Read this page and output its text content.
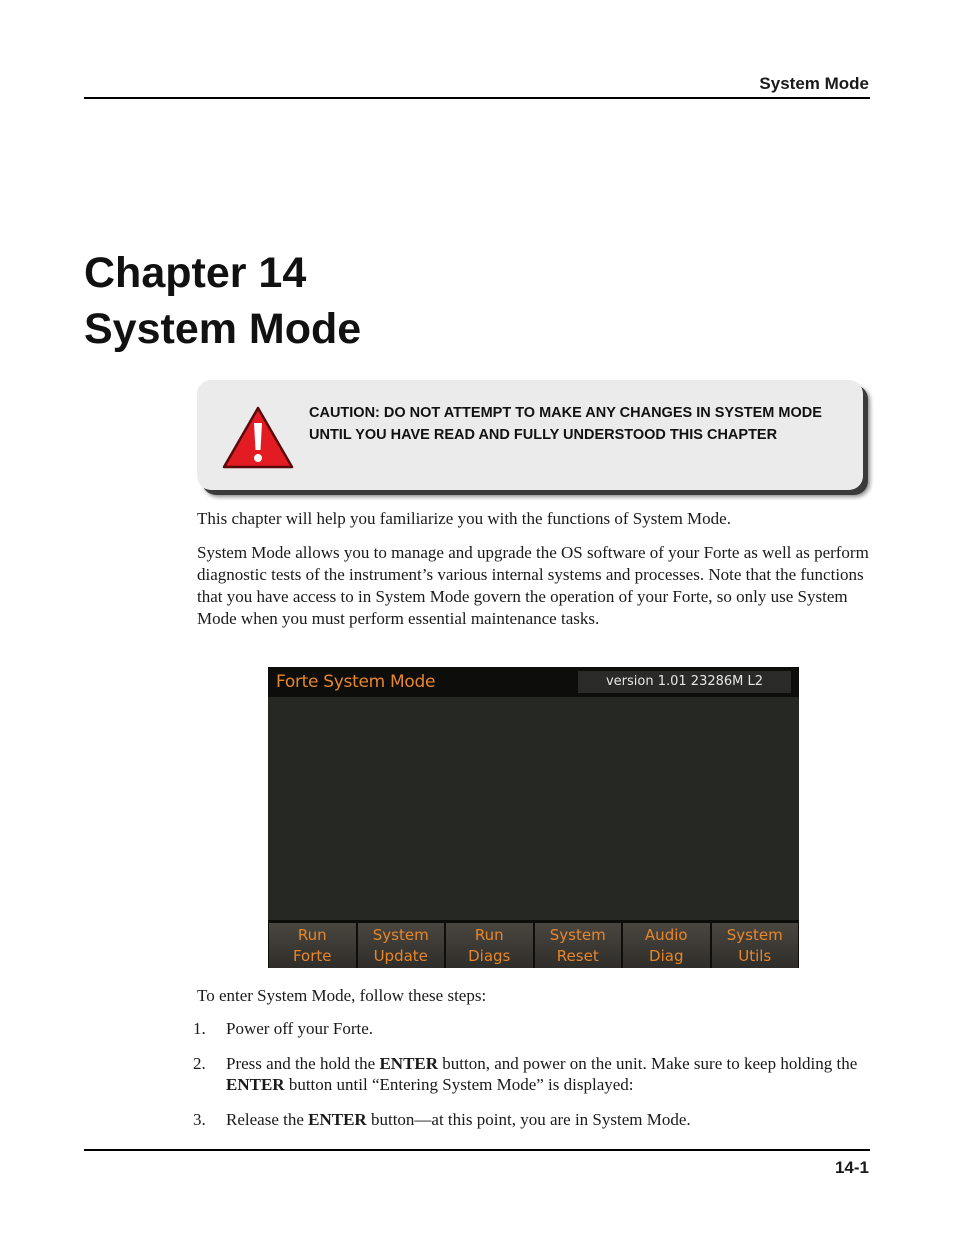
System Mode
Chapter 14
System Mode
CAUTION: DO NOT ATTEMPT TO MAKE ANY CHANGES IN SYSTEM MODE UNTIL YOU HAVE READ AND FULLY UNDERSTOOD THIS CHAPTER

This chapter will help you familiarize you with the functions of System Mode.

System Mode allows you to manage and upgrade the OS software of your Forte as well as perform diagnostic tests of the instrument’s various internal systems and processes. Note that the functions that you have access to in System Mode govern the operation of your Forte, so only use System Mode when you must perform essential maintenance tasks.

Forte System Mode	version 1.01 23286M L2
Run
Forte
System
Update
Run
Diags
System
Reset
Audio
Diag
System
Utils

To enter System Mode, follow these steps:

1. Power off your Forte.
2. Press and the hold the ENTER button, and power on the unit. Make sure to keep holding the ENTER button until “Entering System Mode” is displayed:
3. Release the ENTER button—at this point, you are in System Mode.
14-1
